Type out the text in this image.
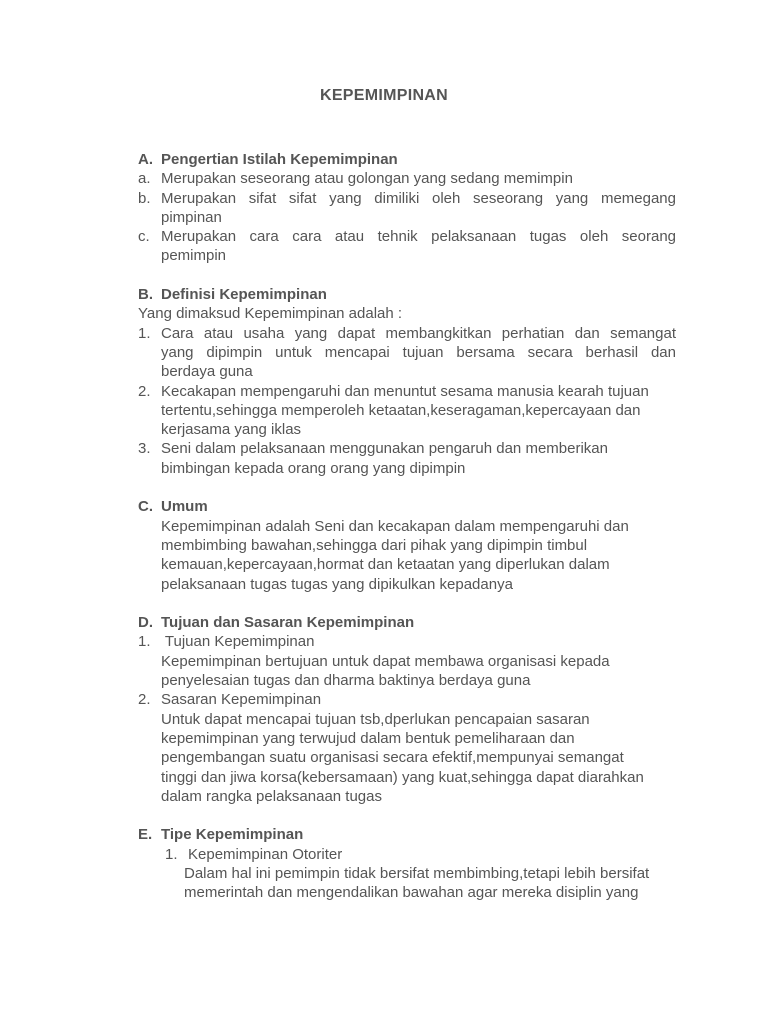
KEPEMIMPINAN
A. Pengertian Istilah Kepemimpinan
a. Merupakan seseorang atau golongan yang sedang memimpin
b. Merupakan sifat sifat yang dimiliki oleh seseorang yang memegang
pimpinan
c. Merupakan cara cara atau tehnik pelaksanaan tugas oleh seorang
pemimpin
B. Definisi Kepemimpinan
Yang dimaksud Kepemimpinan adalah :
1. Cara atau usaha yang dapat membangkitkan perhatian dan semangat
yang dipimpin untuk mencapai tujuan bersama secara berhasil dan
berdaya guna
2. Kecakapan mempengaruhi dan menuntut sesama manusia kearah tujuan
tertentu,sehingga memperoleh ketaatan,keseragaman,kepercayaan dan
kerjasama yang iklas
3. Seni dalam pelaksanaan menggunakan pengaruh dan memberikan
bimbingan kepada orang orang yang dipimpin
C. Umum
Kepemimpinan adalah Seni dan kecakapan dalam mempengaruhi dan
membimbing bawahan,sehingga dari pihak yang dipimpin timbul
kemauan,kepercayaan,hormat dan ketaatan yang diperlukan dalam
pelaksanaan tugas tugas yang dipikulkan kepadanya
D. Tujuan dan Sasaran Kepemimpinan
1. Tujuan Kepemimpinan
Kepemimpinan bertujuan untuk dapat membawa organisasi kepada
penyelesaian tugas dan dharma baktinya berdaya guna
2. Sasaran Kepemimpinan
Untuk dapat mencapai tujuan tsb,dperlukan pencapaian sasaran
kepemimpinan yang terwujud dalam bentuk pemeliharaan dan
pengembangan suatu organisasi secara efektif,mempunyai semangat
tinggi dan jiwa korsa(kebersamaan) yang kuat,sehingga dapat diarahkan
dalam rangka pelaksanaan tugas
E. Tipe Kepemimpinan
1. Kepemimpinan Otoriter
Dalam hal ini pemimpin tidak bersifat membimbing,tetapi lebih bersifat
memerintah dan mengendalikan bawahan agar mereka disiplin yang
